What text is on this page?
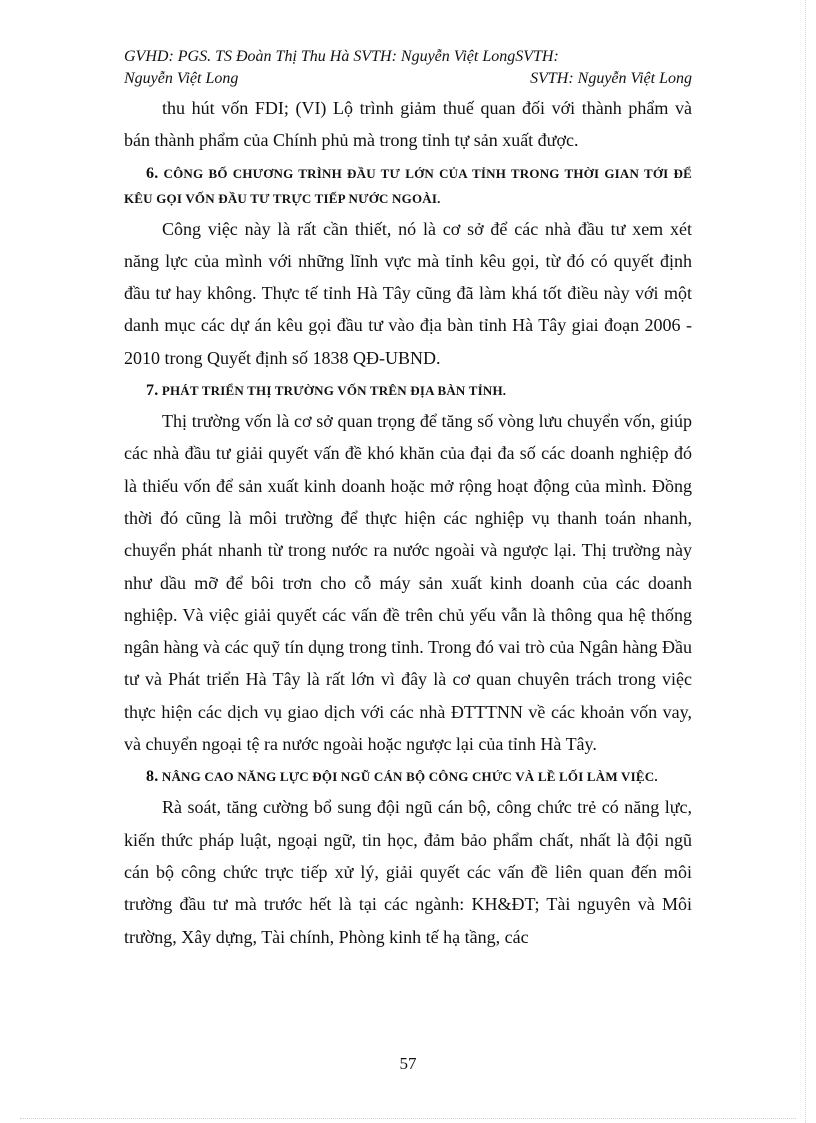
GVHD: PGS. TS Đoàn Thị Thu Hà SVTH: Nguyễn Việt LongSVTH:
Nguyễn Việt Long	SVTH: Nguyễn Việt Long

thu hút vốn FDI; (VI) Lộ trình giảm thuế quan đối với thành phẩm và bán thành phẩm của Chính phủ mà trong tỉnh tự sản xuất được.

6. CÔNG BỐ CHƯƠNG TRÌNH ĐẦU TƯ LỚN CỦA TỈNH TRONG THỜI GIAN TỚI ĐỂ KÊU GỌI VỐN ĐẦU TƯ TRỰC TIẾP NƯỚC NGOÀI.

Công việc này là rất cần thiết, nó là cơ sở để các nhà đầu tư xem xét năng lực của mình với những lĩnh vực mà tỉnh kêu gọi, từ đó có quyết định đầu tư hay không. Thực tế tỉnh Hà Tây cũng đã làm khá tốt điều này với một danh mục các dự án kêu gọi đầu tư vào địa bàn tỉnh Hà Tây giai đoạn 2006 - 2010 trong Quyết định số 1838 QĐ-UBND.

7. PHÁT TRIỂN THỊ TRƯỜNG VỐN TRÊN ĐỊA BÀN TỈNH.

Thị trường vốn là cơ sở quan trọng để tăng số vòng lưu chuyển vốn, giúp các nhà đầu tư giải quyết vấn đề khó khăn của đại đa số các doanh nghiệp đó là thiếu vốn để sản xuất kinh doanh hoặc mở rộng hoạt động của mình. Đồng thời đó cũng là môi trường để thực hiện các nghiệp vụ thanh toán nhanh, chuyển phát nhanh từ trong nước ra nước ngoài và ngược lại. Thị trường này như dầu mỡ để bôi trơn cho cỗ máy sản xuất kinh doanh của các doanh nghiệp. Và việc giải quyết các vấn đề trên chủ yếu vẫn là thông qua hệ thống ngân hàng và các quỹ tín dụng trong tỉnh. Trong đó vai trò của Ngân hàng Đầu tư và Phát triển Hà Tây là rất lớn vì đây là cơ quan chuyên trách trong việc thực hiện các dịch vụ giao dịch với các nhà ĐTTTNN về các khoản vốn vay, và chuyển ngoại tệ ra nước ngoài hoặc ngược lại của tỉnh Hà Tây.

8. NÂNG CAO NĂNG LỰC ĐỘI NGŨ CÁN BỘ CÔNG CHỨC VÀ LỀ LỐI LÀM VIỆC.

Rà soát, tăng cường bổ sung đội ngũ cán bộ, công chức trẻ có năng lực, kiến thức pháp luật, ngoại ngữ, tin học, đảm bảo phẩm chất, nhất là đội ngũ cán bộ công chức trực tiếp xử lý, giải quyết các vấn đề liên quan đến môi trường đầu tư mà trước hết là tại các ngành: KH&ĐT; Tài nguyên và Môi trường, Xây dựng, Tài chính, Phòng kinh tế hạ tầng, các

57
